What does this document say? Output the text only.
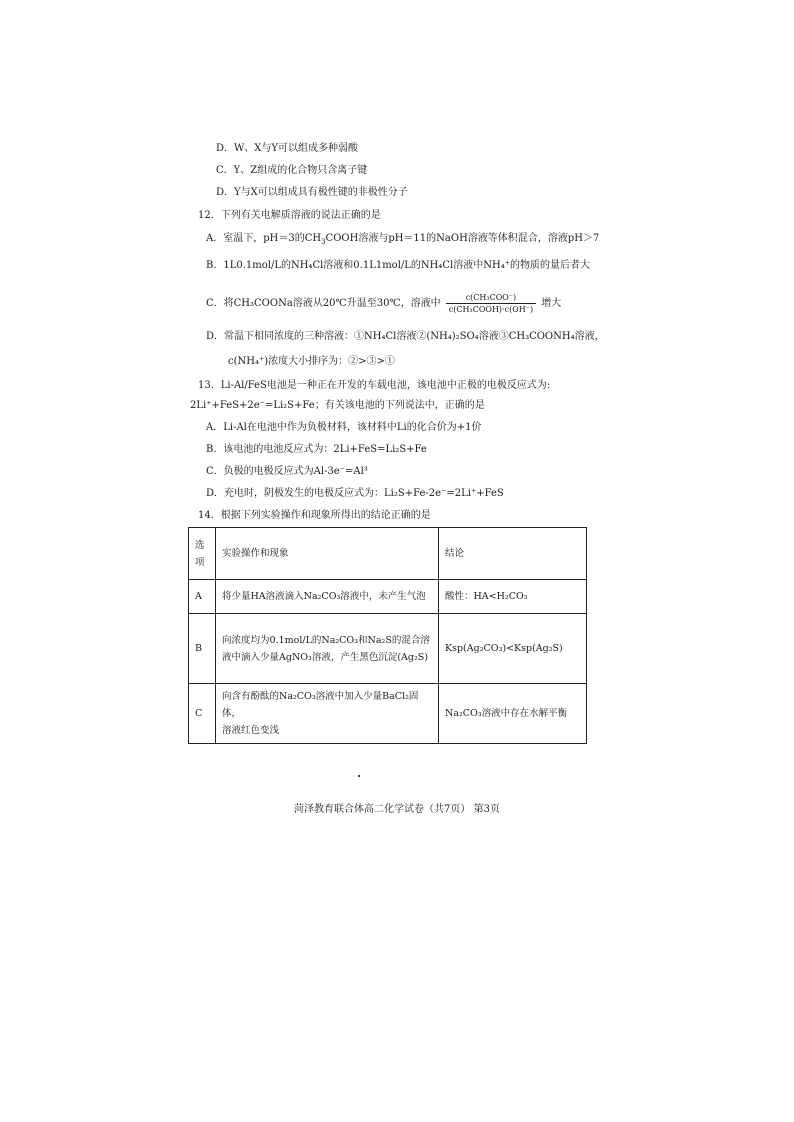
D．W、X与Y可以组成多种弱酸
C．Y、Z组成的化合物只含离子键
D．Y与X可以组成具有极性键的非极性分子
12．下列有关电解质溶液的说法正确的是
A．室温下，pH＝3的$CH_3COOH$溶液与pH＝11的NaOH溶液等体积混合，溶液pH＞7
B．1L0.1mol/L的NH₄Cl溶液和0.1L1mol/L的NH₄Cl溶液中NH₄⁺的物质的量后者大
C．将CH₃COONa溶液从20℃升温至30℃，溶液中 $\frac{\text{c(CH₃COO⁻)}}{\text{c(CH₃COOH)·c(OH⁻)}}$ 增大
D．常温下相同浓度的三种溶液：①NH₄Cl溶液②(NH₄)₂SO₄溶液③CH₃COONH₄溶液，
c(NH₄⁺)浓度大小排序为：②>③>①
13．Li-Al/FeS电池是一种正在开发的车载电池，该电池中正极的电极反应式为:
2Li⁺+FeS+2e⁻=Li₂S+Fe；有关该电池的下列说法中，正确的是
A．Li-Al在电池中作为负极材料，该材料中Li的化合价为+1价
B．该电池的电池反应式为：2Li+FeS=Li₂S+Fe
C．负极的电极反应式为Al-3e⁻=Al³
D．充电时，阴极发生的电极反应式为：Li₂S+Fe-2e⁻=2Li⁺+FeS
14．根据下列实验操作和现象所得出的结论正确的是
选项	实验操作和现象	结论
A	将少量HA溶液滴入Na₂CO₃溶液中，未产生气泡	酸性：HA<H₂CO₃
B	向浓度均为0.1mol/L的Na₂CO₃和Na₂S的混合溶
液中滴入少量AgNO₃溶液，产生黑色沉淀(Ag₂S)	Ksp(Ag₂CO₃)<Ksp(Ag₂S)
C	向含有酚酞的Na₂CO₃溶液中加入少量BaCl₂固体，
溶液红色变浅	Na₂CO₃溶液中存在水解平衡
菏泽教育联合体高二化学试卷（共7页） 第3页
